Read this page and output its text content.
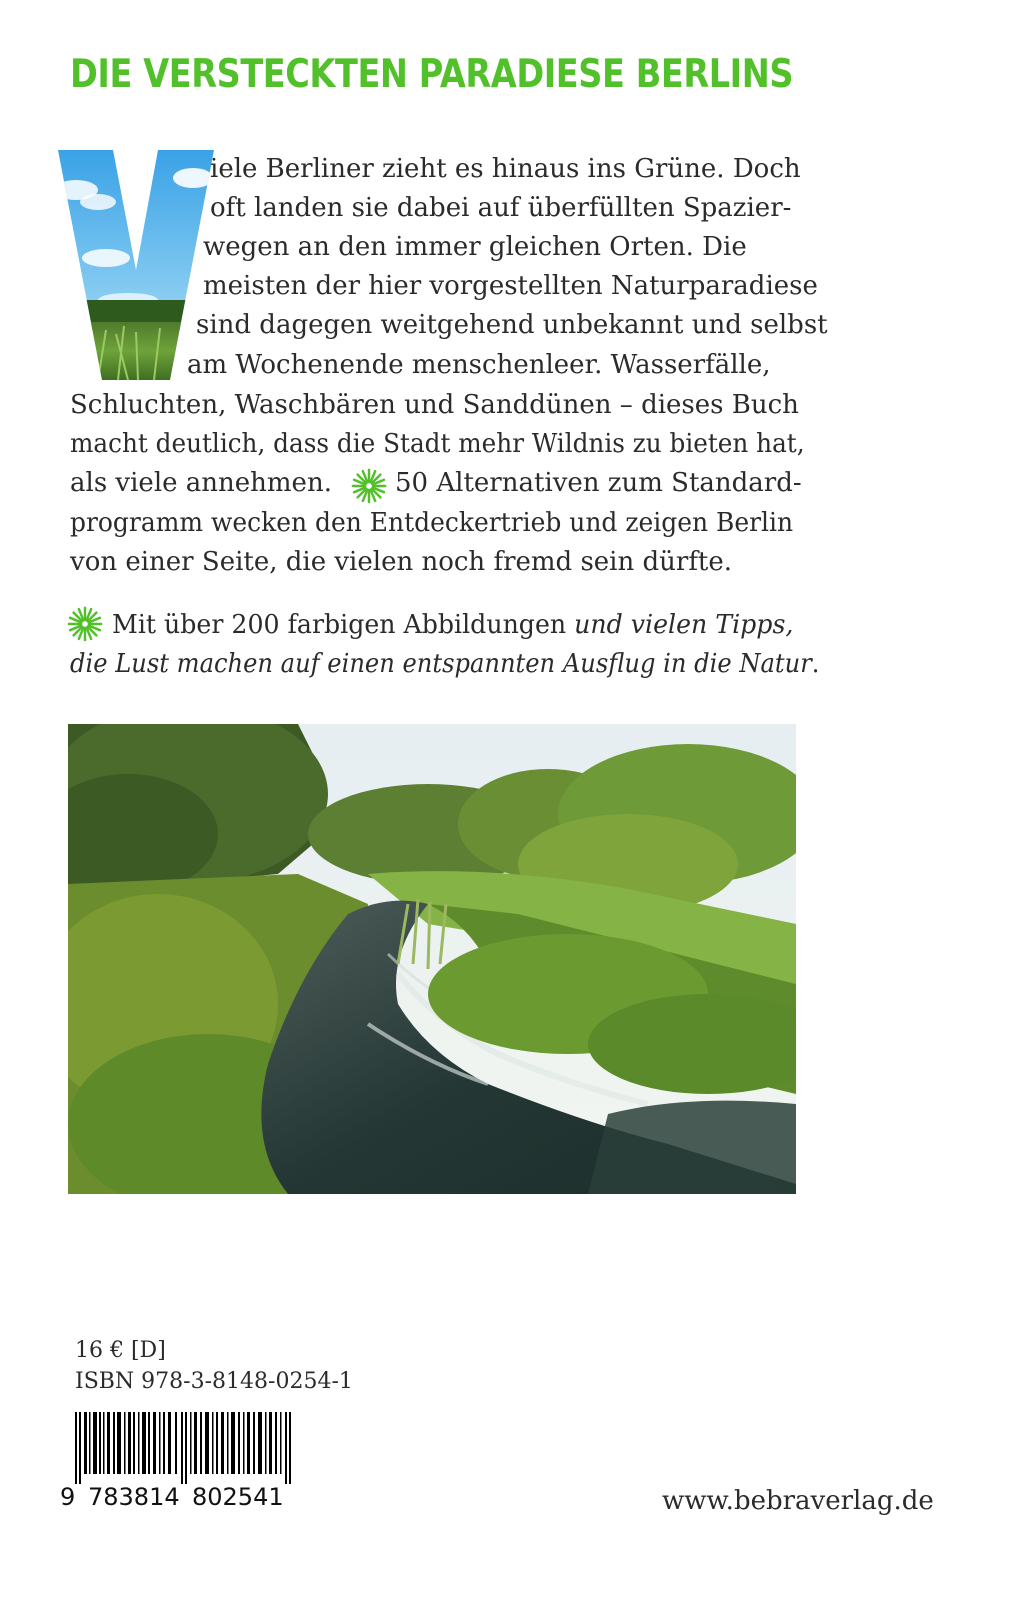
DIE VERSTECKTEN PARADIESE BERLINS
iele Berliner zieht es hinaus ins Grüne. Doch
oft landen sie dabei auf überfüllten Spazier-
wegen an den immer gleichen Orten. Die
meisten der hier vorgestellten Naturparadiese
sind dagegen weitgehend unbekannt und selbst
am Wochenende menschenleer. Wasserfälle,
Schluchten, Waschbären und Sanddünen – dieses Buch
macht deutlich, dass die Stadt mehr Wildnis zu bieten hat,
als viele annehmen. 50 Alternativen zum Standard-
programm wecken den Entdeckertrieb und zeigen Berlin
von einer Seite, die vielen noch fremd sein dürfte.
Mit über 200 farbigen Abbildungen und vielen Tipps,
die Lust machen auf einen entspannten Ausflug in die Natur.
16 € [D]
ISBN 978-3-8148-0254-1
9 783814 802541	www.bebraverlag.de
